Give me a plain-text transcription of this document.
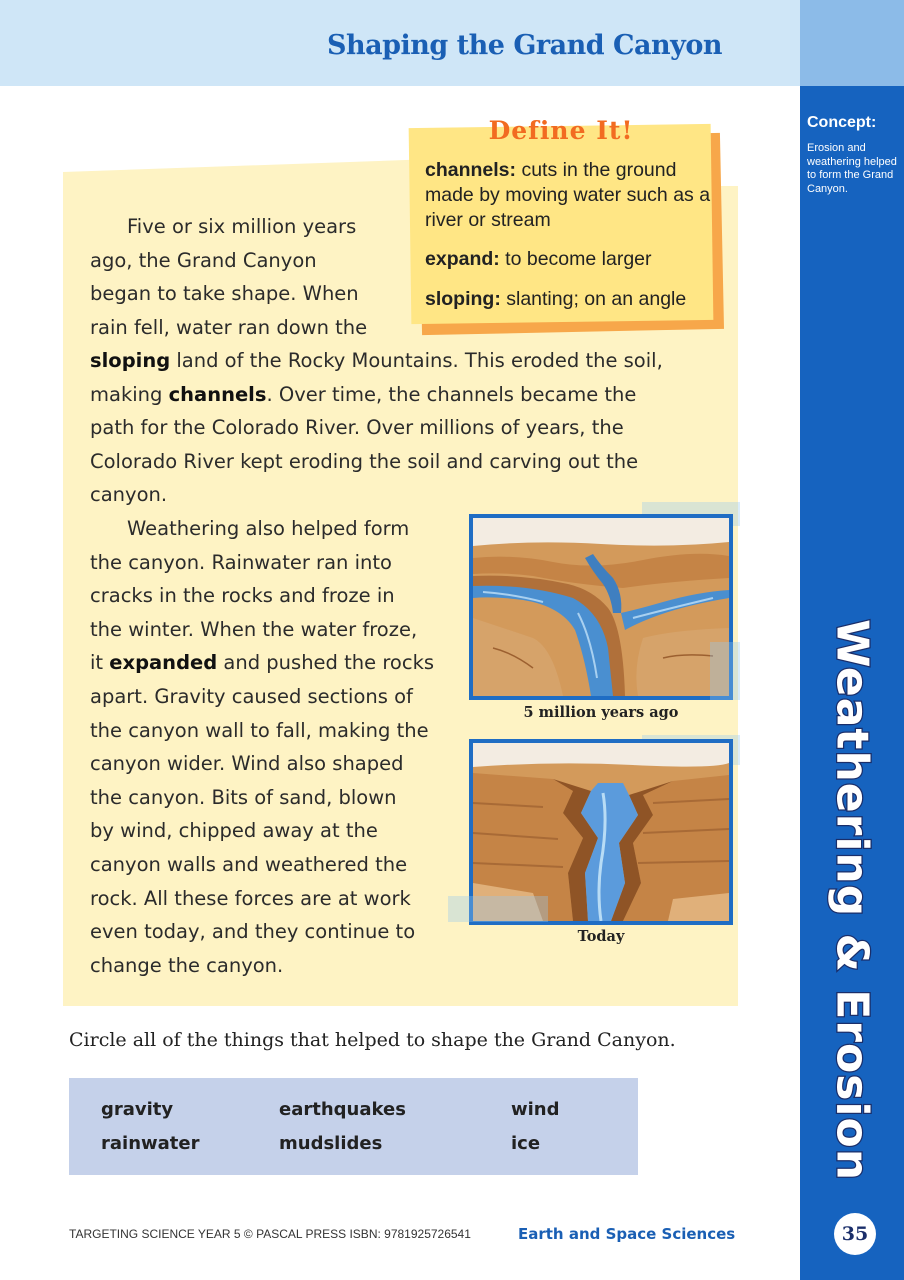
Shaping the Grand Canyon
Concept:
Erosion and weathering helped to form the Grand Canyon.
Weathering & Erosion
35
Define It!
channels: cuts in the ground made by moving water such as a river or stream
expand: to become larger
sloping: slanting; on an angle
Five or six million years
ago, the Grand Canyon
began to take shape. When
rain fell, water ran down the
sloping land of the Rocky Mountains. This eroded the soil,
making channels. Over time, the channels became the
path for the Colorado River. Over millions of years, the
Colorado River kept eroding the soil and carving out the
canyon.
Weathering also helped form
the canyon. Rainwater ran into
cracks in the rocks and froze in
the winter. When the water froze,
it expanded and pushed the rocks
apart. Gravity caused sections of
the canyon wall to fall, making the
canyon wider. Wind also shaped
the canyon. Bits of sand, blown
by wind, chipped away at the
canyon walls and weathered the
rock. All these forces are at work
even today, and they continue to
change the canyon.
5 million years ago
Today
Circle all of the things that helped to shape the Grand Canyon.
gravity	earthquakes	wind
rainwater	mudslides	ice
TARGETING SCIENCE YEAR 5 © PASCAL PRESS ISBN: 9781925726541	Earth and Space Sciences
